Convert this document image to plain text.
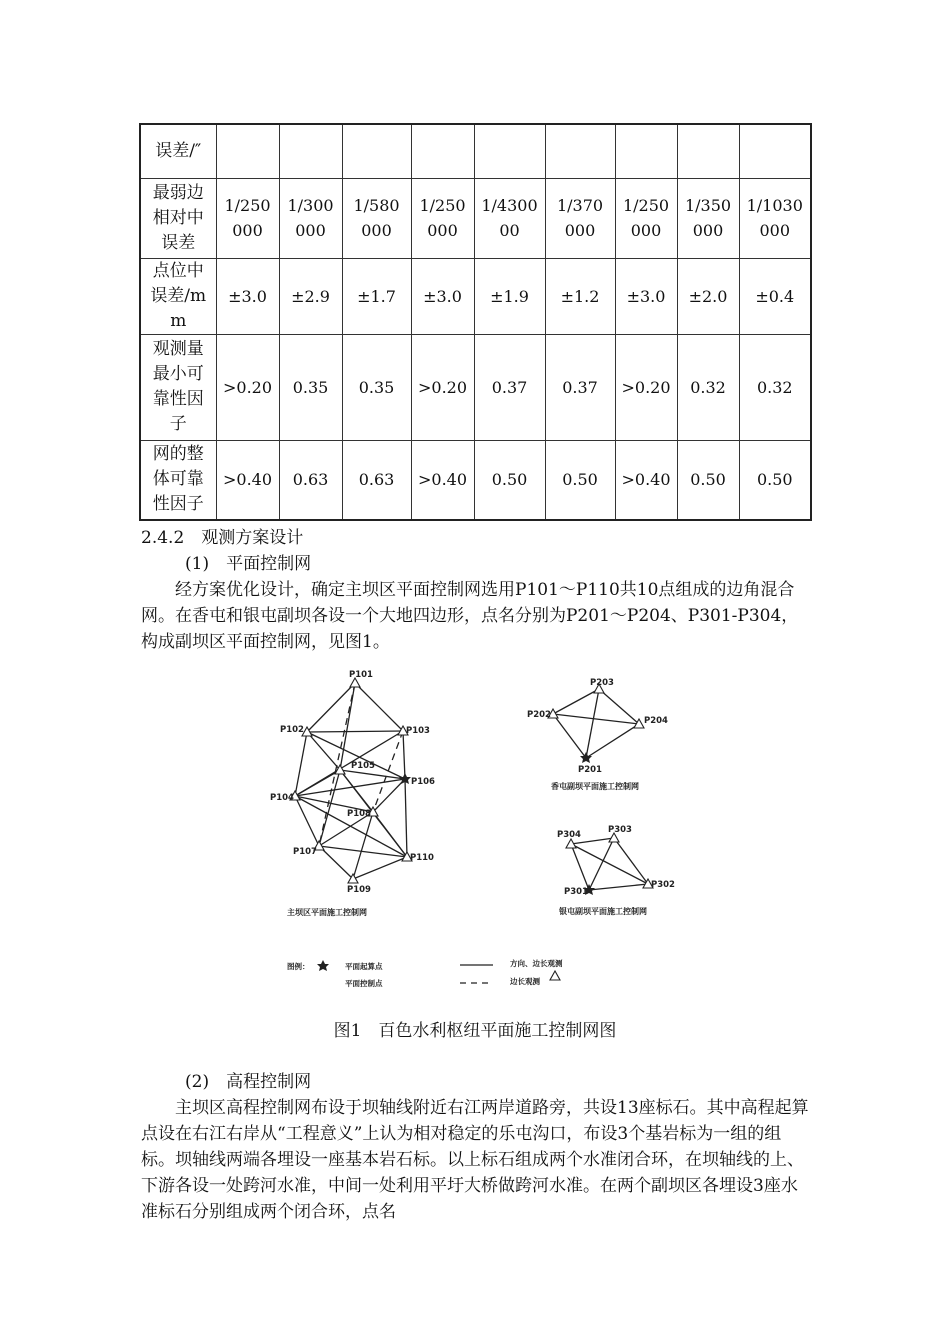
误差/″									

最弱边相对中误差	1/250000	1/300000	1/580000	1/250000	1/430000	1/370000	1/250000	1/350000	1/1030000

点位中误差/mm	±3.0	±2.9	±1.7	±3.0	±1.9	±1.2	±3.0	±2.0	±0.4

观测量最小可靠性因子	>0.20	0.35	0.35	>0.20	0.37	0.37	>0.20	0.32	0.32

网的整体可靠性因子	>0.40	0.63	0.63	>0.40	0.50	0.50	>0.40	0.50	0.50
2.4.2　观测方案设计
(1)　平面控制网
经方案优化设计，确定主坝区平面控制网选用P101～P110共10点组成的边角混合网。在香屯和银屯副坝各设一个大地四边形，点名分别为P201～P204、P301-P304，构成副坝区平面控制网，见图1。
P101
P102	P103
P104
P105
P106
P107
P108
P109
P110
P201
P202
P203
P204
P301
P302
P303
P304
主坝区平面施工控制网
香屯副坝平面施工控制网
银屯副坝平面施工控制网
图例：	平面起算点
平面控制点
方向、边长观测
边长观测
图1　百色水利枢纽平面施工控制网图
(2)　高程控制网
主坝区高程控制网布设于坝轴线附近右江两岸道路旁，共设13座标石。其中高程起算点设在右江右岸从“工程意义”上认为相对稳定的乐屯沟口，布设3个基岩标为一组的组标。坝轴线两端各埋设一座基本岩石标。以上标石组成两个水准闭合环，在坝轴线的上、下游各设一处跨河水准，中间一处利用平圩大桥做跨河水准。在两个副坝区各埋设3座水准标石分别组成两个闭合环，点名
